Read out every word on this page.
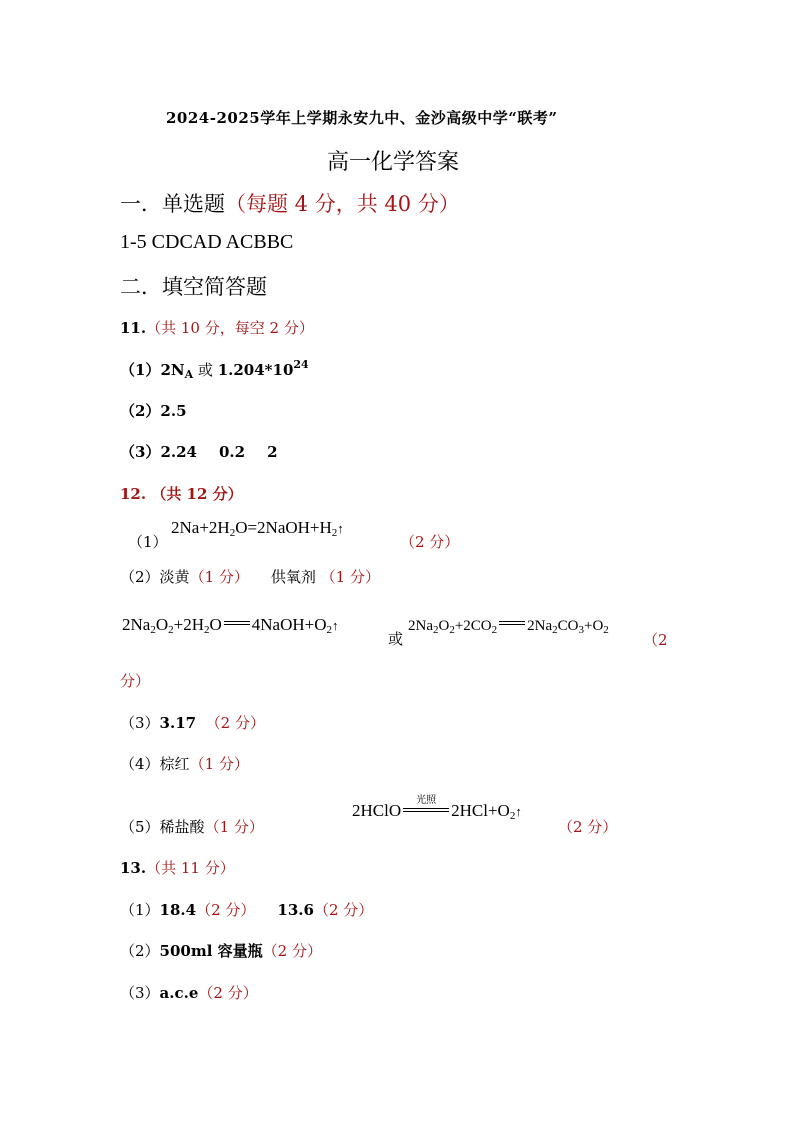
2024-2025学年上学期永安九中、金沙高级中学“联考”
高一化学答案
一．单选题（每题 4 分，共 40 分）
1-5 CDCAD ACBBC
二．填空简答题
11.（共 10 分，每空 2 分）
$(1)2N_A$ 或 $1.204*10^{24}$
（2）2.5
（3）2.24 0.2 2
12. （共 12 分）
（1）
$2Na+2H_2O=2NaOH+H_2↑$
（2 分）
（2）淡黄（1 分） 供氧剂 （1 分）
$2Na_2O_2+2H_2O$ $4NaOH+O_2↑$
或
$2Na_2O_2+2CO_2$ $2Na_2CO_3+O_2$
（2
分）
（3）3.17 （2 分）
（4）棕红（1 分）
（5）稀盐酸（1 分）
2HClO
光照
$2HCl+O_2↑$
（2 分）
13.（共 11 分）
（1）18.4（2 分） 13.6（2 分）
（2）500ml 容量瓶（2 分）
（3）a.c.e（2 分）
